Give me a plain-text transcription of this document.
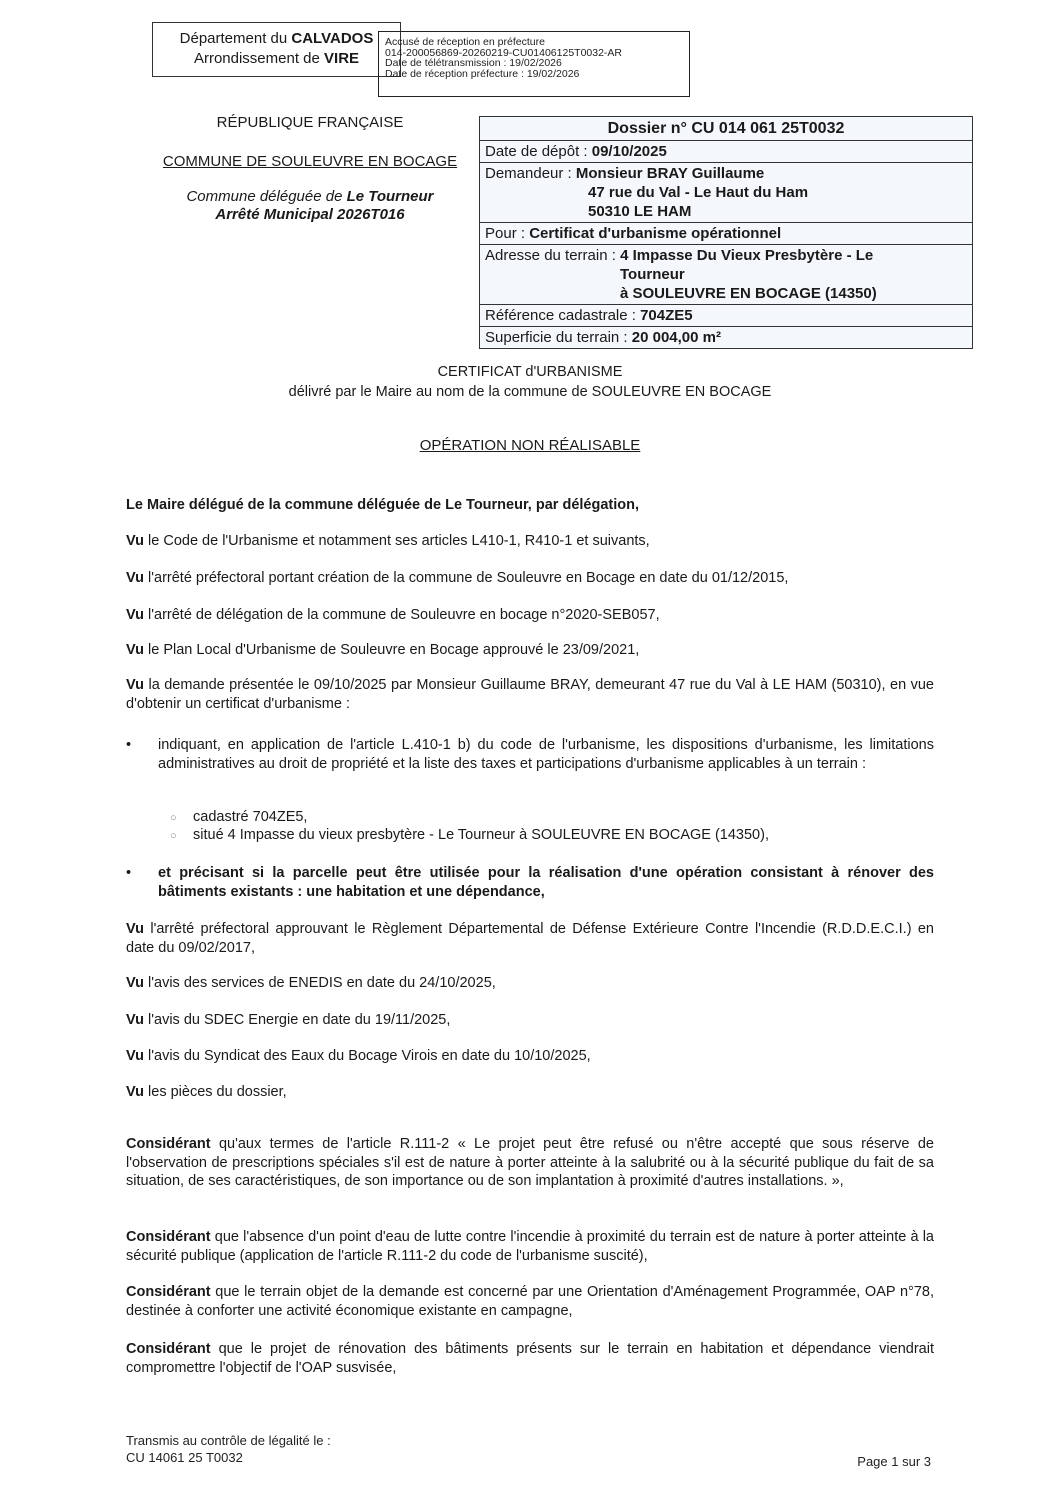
Département du CALVADOS
Arrondissement de VIRE
Accusé de réception en préfecture
014-200056869-20260219-CU01406125T0032-AR
Date de télétransmission : 19/02/2026
Date de réception préfecture : 19/02/2026
RÉPUBLIQUE FRANÇAISE
COMMUNE DE SOULEUVRE EN BOCAGE
Commune déléguée de Le Tourneur
Arrêté Municipal 2026T016
Dossier n° CU 014 061 25T0032
Date de dépôt : 09/10/2025
Demandeur : Monsieur BRAY Guillaume
47 rue du Val - Le Haut du Ham
50310 LE HAM
Pour : Certificat d'urbanisme opérationnel
Adresse du terrain : 4 Impasse Du Vieux Presbytère - Le
Tourneur
à SOULEUVRE EN BOCAGE (14350)
Référence cadastrale : 704ZE5
Superficie du terrain : 20 004,00 m²
CERTIFICAT d'URBANISME
délivré par le Maire au nom de la commune de SOULEUVRE EN BOCAGE
OPÉRATION NON RÉALISABLE
Le Maire délégué de la commune déléguée de Le Tourneur, par délégation,
Vu le Code de l'Urbanisme et notamment ses articles L410-1, R410-1 et suivants,
Vu l'arrêté préfectoral portant création de la commune de Souleuvre en Bocage en date du 01/12/2015,
Vu l'arrêté de délégation de la commune de Souleuvre en bocage n°2020-SEB057,
Vu le Plan Local d'Urbanisme de Souleuvre en Bocage approuvé le 23/09/2021,
Vu la demande présentée le 09/10/2025 par Monsieur Guillaume BRAY, demeurant 47 rue du Val à LE HAM (50310), en vue d'obtenir un certificat d'urbanisme :
• indiquant, en application de l'article L.410-1 b) du code de l'urbanisme, les dispositions d'urbanisme, les limitations administratives au droit de propriété et la liste des taxes et participations d'urbanisme applicables à un terrain :
○ cadastré 704ZE5,
○ situé 4 Impasse du vieux presbytère - Le Tourneur à SOULEUVRE EN BOCAGE (14350),
• et précisant si la parcelle peut être utilisée pour la réalisation d'une opération consistant à rénover des bâtiments existants : une habitation et une dépendance,
Vu l'arrêté préfectoral approuvant le Règlement Départemental de Défense Extérieure Contre l'Incendie (R.D.D.E.C.I.) en date du 09/02/2017,
Vu l'avis des services de ENEDIS en date du 24/10/2025,
Vu l'avis du SDEC Energie en date du 19/11/2025,
Vu l'avis du Syndicat des Eaux du Bocage Virois en date du 10/10/2025,
Vu les pièces du dossier,
Considérant qu'aux termes de l'article R.111-2 « Le projet peut être refusé ou n'être accepté que sous réserve de l'observation de prescriptions spéciales s'il est de nature à porter atteinte à la salubrité ou à la sécurité publique du fait de sa situation, de ses caractéristiques, de son importance ou de son implantation à proximité d'autres installations. »,
Considérant que l'absence d'un point d'eau de lutte contre l'incendie à proximité du terrain est de nature à porter atteinte à la sécurité publique (application de l'article R.111-2 du code de l'urbanisme suscité),
Considérant que le terrain objet de la demande est concerné par une Orientation d'Aménagement Programmée, OAP n°78, destinée à conforter une activité économique existante en campagne,
Considérant que le projet de rénovation des bâtiments présents sur le terrain en habitation et dépendance viendrait compromettre l'objectif de l'OAP susvisée,
Transmis au contrôle de légalité le :
CU 14061 25 T0032	Page 1 sur 3
